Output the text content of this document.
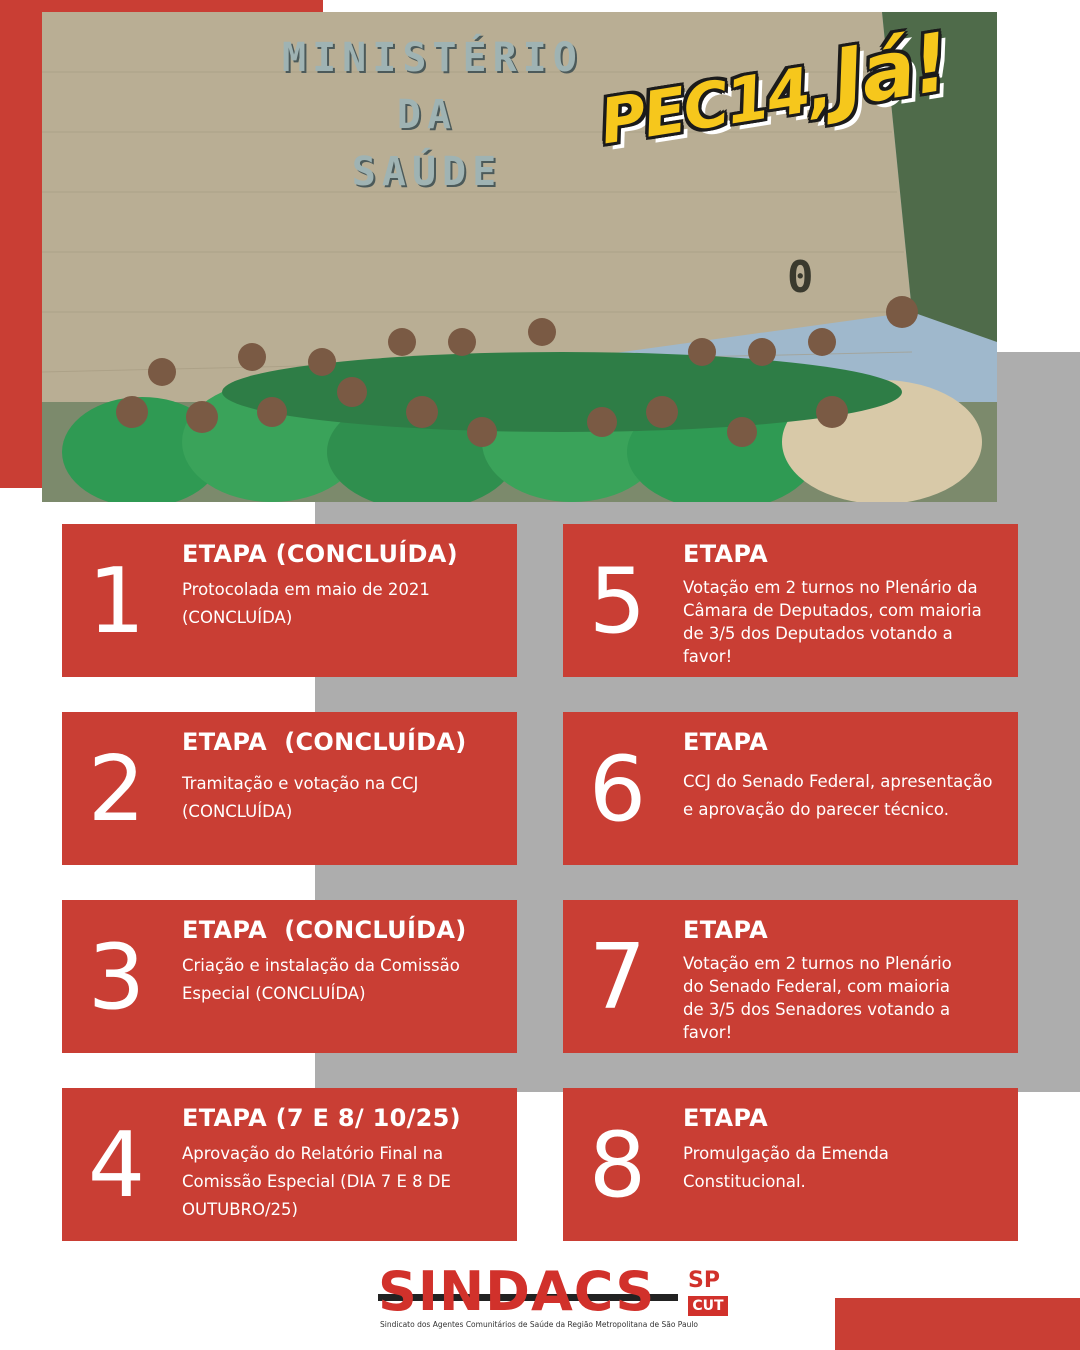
0
MINISTÉRIO
DA
SAÚDE
PEC14, Já!
1	ETAPA (CONCLUÍDA)
Protocolada em maio de 2021 (CONCLUÍDA)
2	ETAPA  (CONCLUÍDA)
Tramitação e votação na CCJ (CONCLUÍDA)
3	ETAPA  (CONCLUÍDA)
Criação e instalação da Comissão Especial (CONCLUÍDA)
4	ETAPA (7 E 8/ 10/25)
Aprovação do Relatório Final na Comissão Especial (DIA 7 E 8 DE OUTUBRO/25)
5	ETAPA
Votação em 2 turnos no Plenário da Câmara de Deputados, com maioria de 3/5 dos Deputados votando a favor!
6	ETAPA
CCJ do Senado Federal, apresentação e aprovação do parecer técnico.
7	ETAPA
Votação em 2 turnos no Plenário do Senado Federal, com maioria de 3/5 dos Senadores votando a favor!
8	ETAPA
Promulgação da Emenda Constitucional.
SINDACS SP
CUT
Sindicato dos Agentes Comunitários de Saúde da Região Metropolitana de São Paulo
